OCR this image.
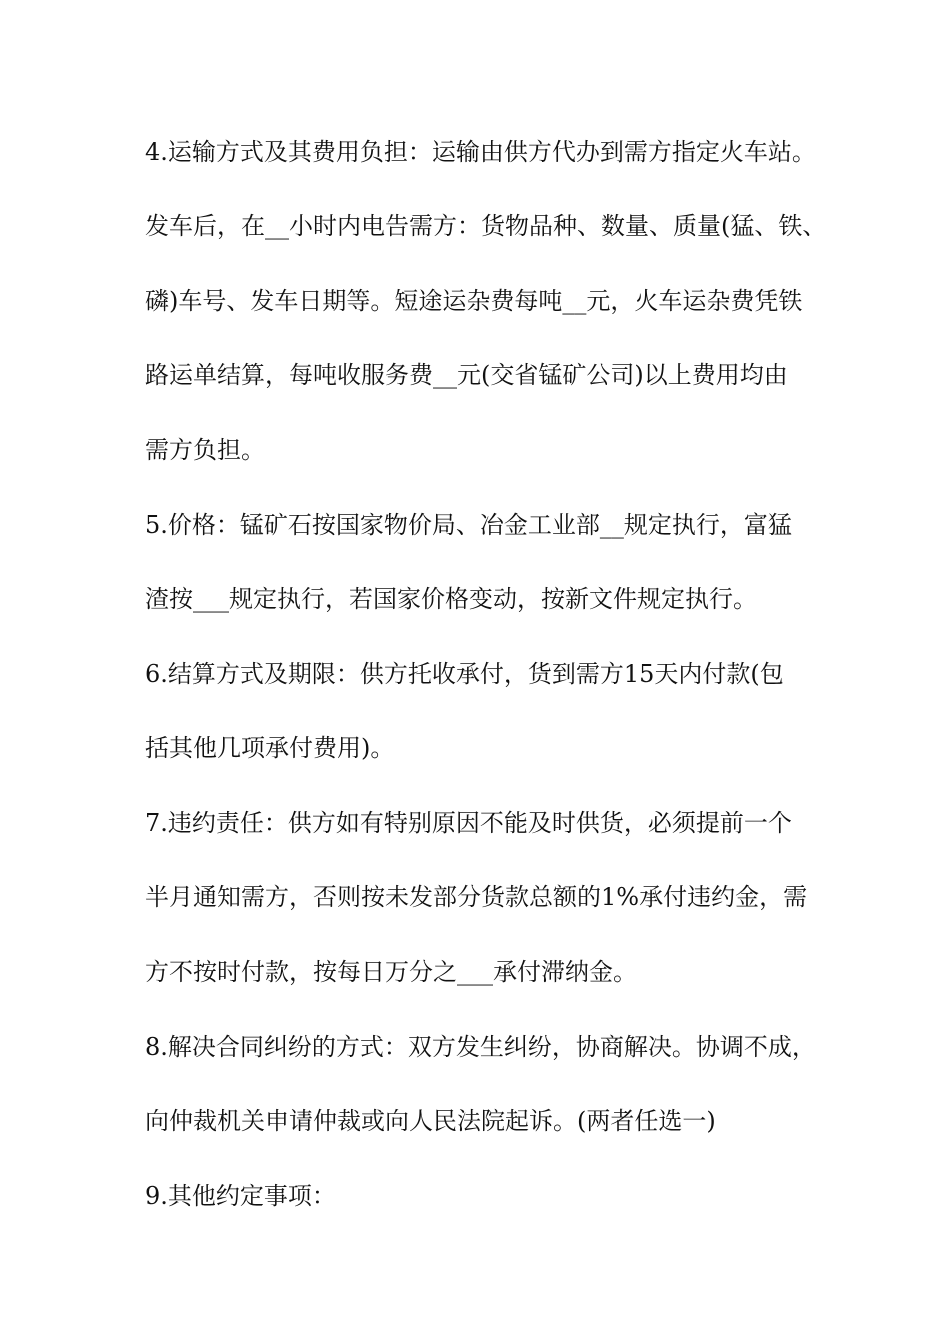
4.运输方式及其费用负担：运输由供方代办到需方指定火车站。
发车后，在__小时内电告需方：货物品种、数量、质量(猛、铁、
磷)车号、发车日期等。短途运杂费每吨__元，火车运杂费凭铁
路运单结算，每吨收服务费__元(交省锰矿公司)以上费用均由
需方负担。
5.价格：锰矿石按国家物价局、冶金工业部__规定执行，富猛
渣按___规定执行，若国家价格变动，按新文件规定执行。
6.结算方式及期限：供方托收承付，货到需方15天内付款(包
括其他几项承付费用)。
7.违约责任：供方如有特别原因不能及时供货，必须提前一个
半月通知需方，否则按未发部分货款总额的1%承付违约金，需
方不按时付款，按每日万分之___承付滞纳金。
8.解决合同纠纷的方式：双方发生纠纷，协商解决。协调不成，
向仲裁机关申请仲裁或向人民法院起诉。(两者任选一)
9.其他约定事项：
